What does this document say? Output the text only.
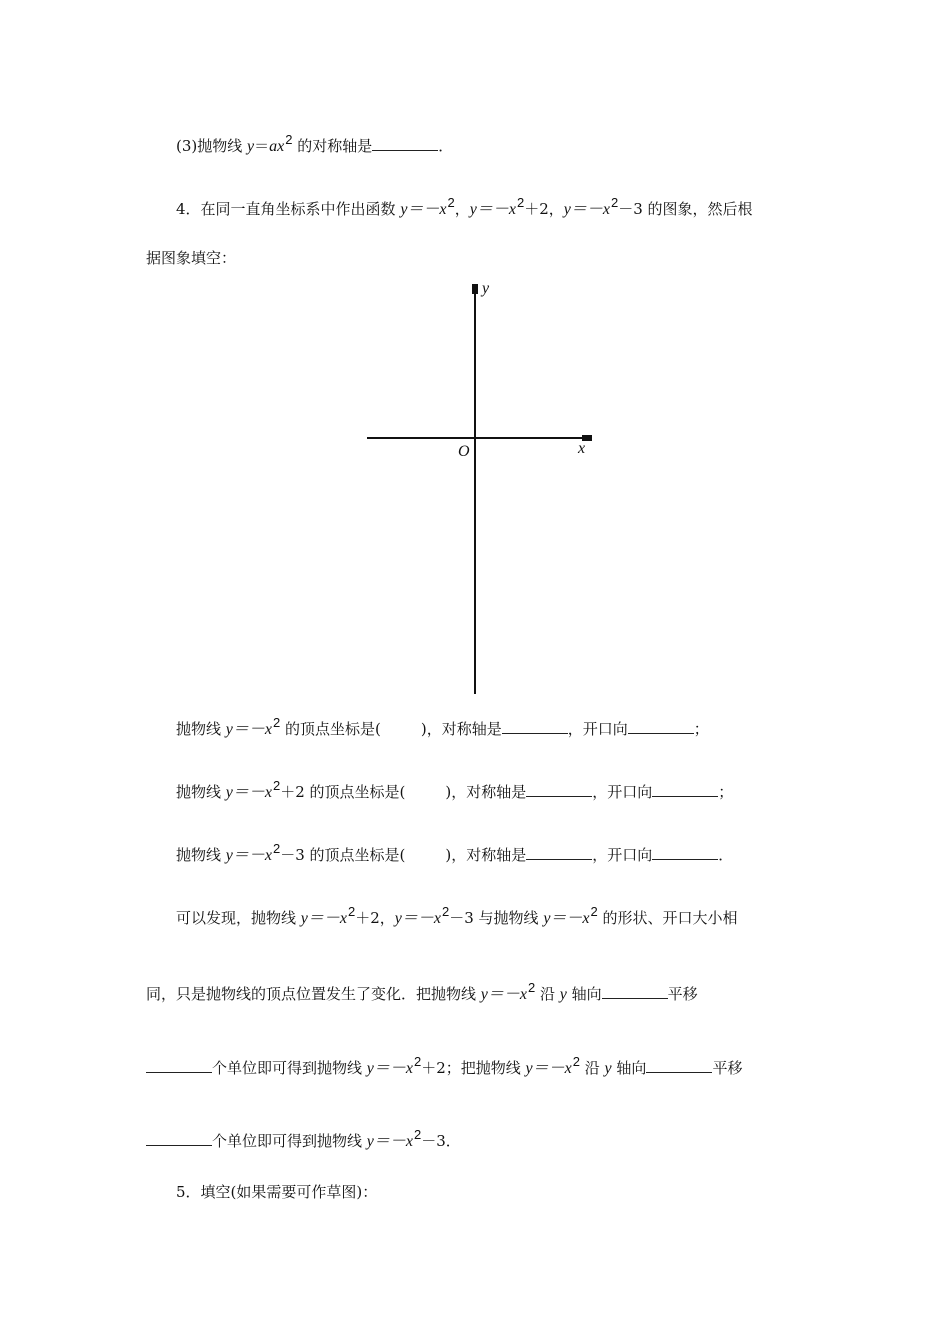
(3)抛物线 y＝ax2 的对称轴是	．
4．在同一直角坐标系中作出函数 y＝－x2，y＝－x2＋2，y＝－x2－3 的图象，然后根
据图象填空：
y
x
O
抛物线 y＝－x2 的顶点坐标是(	)，对称轴是	，开口向	；
抛物线 y＝－x2＋2 的顶点坐标是(	)，对称轴是	，开口向	；
抛物线 y＝－x2－3 的顶点坐标是(	)，对称轴是	，开口向	．
可以发现，抛物线 y＝－x2＋2，y＝－x2－3 与抛物线 y＝－x2 的形状、开口大小相
同，只是抛物线的顶点位置发生了变化．把抛物线 y＝－x2 沿 y 轴向	平移
个单位即可得到抛物线 y＝－x2＋2；把抛物线 y＝－x2 沿 y 轴向	平移
个单位即可得到抛物线 y＝－x2－3．
5．填空(如果需要可作草图)：
